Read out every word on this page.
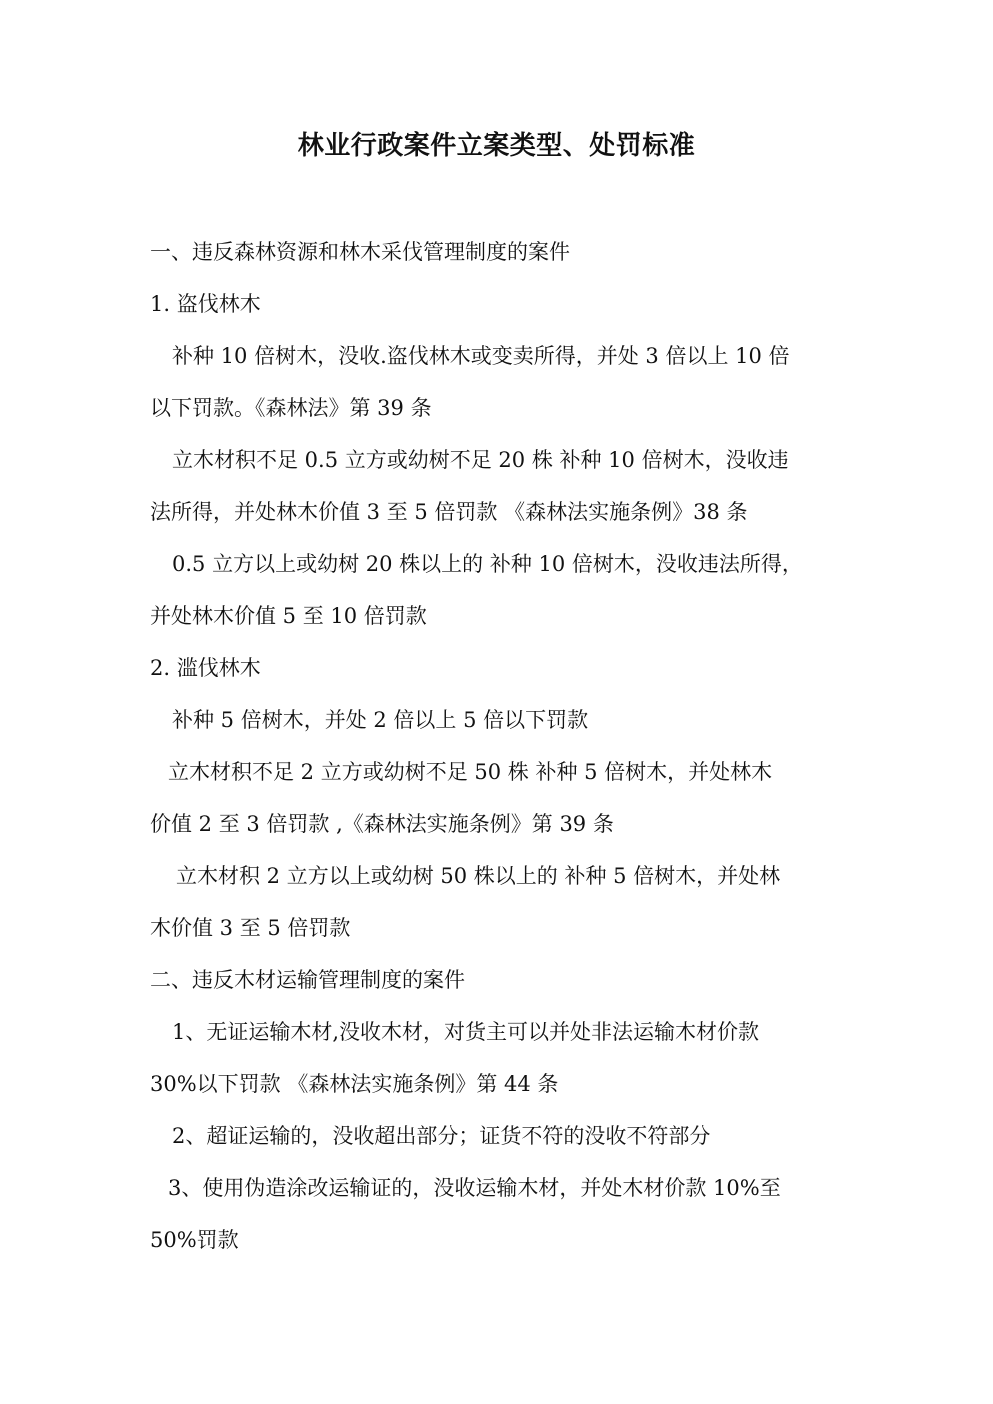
林业行政案件立案类型、处罚标准
一、违反森林资源和林木采伐管理制度的案件
1. 盗伐林木
补种 10 倍树木，没收.盗伐林木或变卖所得，并处 3 倍以上 10 倍
以下罚款。《森林法》第 39 条
立木材积不足 0.5 立方或幼树不足 20 株 补种 10 倍树木，没收违
法所得，并处林木价值 3 至 5 倍罚款 《森林法实施条例》38 条
0.5 立方以上或幼树 20 株以上的 补种 10 倍树木，没收违法所得，
并处林木价值 5 至 10 倍罚款
2. 滥伐林木
补种 5 倍树木，并处 2 倍以上 5 倍以下罚款
立木材积不足 2 立方或幼树不足 50 株 补种 5 倍树木，并处林木
价值 2 至 3 倍罚款 ,《森林法实施条例》第 39 条
立木材积 2 立方以上或幼树 50 株以上的 补种 5 倍树木，并处林
木价值 3 至 5 倍罚款
二、违反木材运输管理制度的案件
1、无证运输木材,没收木材，对货主可以并处非法运输木材价款
30%以下罚款 《森林法实施条例》第 44 条
2、超证运输的，没收超出部分；证货不符的没收不符部分
3、使用伪造涂改运输证的，没收运输木材，并处木材价款 10%至
50%罚款
